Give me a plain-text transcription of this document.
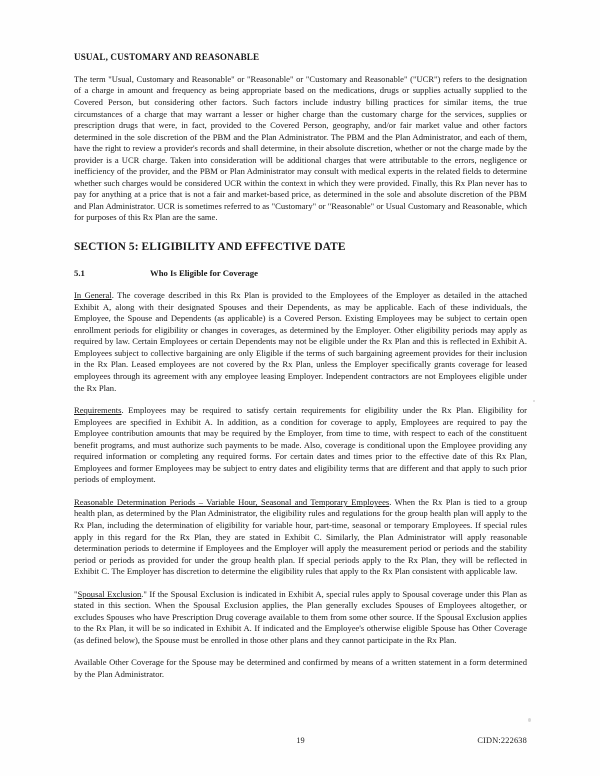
USUAL, CUSTOMARY AND REASONABLE

The term "Usual, Customary and Reasonable" or "Reasonable" or "Customary and Reasonable" ("UCR") refers to the designation of a charge in amount and frequency as being appropriate based on the medications, drugs or supplies actually supplied to the Covered Person, but considering other factors. Such factors include industry billing practices for similar items, the true circumstances of a charge that may warrant a lesser or higher charge than the customary charge for the services, supplies or prescription drugs that were, in fact, provided to the Covered Person, geography, and/or fair market value and other factors determined in the sole discretion of the PBM and the Plan Administrator. The PBM and the Plan Administrator, and each of them, have the right to review a provider's records and shall determine, in their absolute discretion, whether or not the charge made by the provider is a UCR charge. Taken into consideration will be additional charges that were attributable to the errors, negligence or inefficiency of the provider, and the PBM or Plan Administrator may consult with medical experts in the related fields to determine whether such charges would be considered UCR within the context in which they were provided. Finally, this Rx Plan never has to pay for anything at a price that is not a fair and market-based price, as determined in the sole and absolute discretion of the PBM and Plan Administrator. UCR is sometimes referred to as "Customary" or "Reasonable" or Usual Customary and Reasonable, which for purposes of this Rx Plan are the same.

SECTION 5: ELIGIBILITY AND EFFECTIVE DATE
5.1	Who Is Eligible for Coverage

In General. The coverage described in this Rx Plan is provided to the Employees of the Employer as detailed in the attached Exhibit A, along with their designated Spouses and their Dependents, as may be applicable. Each of these individuals, the Employee, the Spouse and Dependents (as applicable) is a Covered Person. Existing Employees may be subject to certain open enrollment periods for eligibility or changes in coverages, as determined by the Employer. Other eligibility periods may apply as required by law. Certain Employees or certain Dependents may not be eligible under the Rx Plan and this is reflected in Exhibit A. Employees subject to collective bargaining are only Eligible if the terms of such bargaining agreement provides for their inclusion in the Rx Plan. Leased employees are not covered by the Rx Plan, unless the Employer specifically grants coverage for leased employees through its agreement with any employee leasing Employer. Independent contractors are not Employees eligible under the Rx Plan.

Requirements. Employees may be required to satisfy certain requirements for eligibility under the Rx Plan. Eligibility for Employees are specified in Exhibit A. In addition, as a condition for coverage to apply, Employees are required to pay the Employee contribution amounts that may be required by the Employer, from time to time, with respect to each of the constituent benefit programs, and must authorize such payments to be made. Also, coverage is conditional upon the Employee providing any required information or completing any required forms. For certain dates and times prior to the effective date of this Rx Plan, Employees and former Employees may be subject to entry dates and eligibility terms that are different and that apply to such prior periods of employment.

Reasonable Determination Periods – Variable Hour, Seasonal and Temporary Employees. When the Rx Plan is tied to a group health plan, as determined by the Plan Administrator, the eligibility rules and regulations for the group health plan will apply to the Rx Plan, including the determination of eligibility for variable hour, part-time, seasonal or temporary Employees. If special rules apply in this regard for the Rx Plan, they are stated in Exhibit C. Similarly, the Plan Administrator will apply reasonable determination periods to determine if Employees and the Employer will apply the measurement period or periods and the stability period or periods as provided for under the group health plan. If special periods apply to the Rx Plan, they will be reflected in Exhibit C. The Employer has discretion to determine the eligibility rules that apply to the Rx Plan consistent with applicable law.

"Spousal Exclusion." If the Spousal Exclusion is indicated in Exhibit A, special rules apply to Spousal coverage under this Plan as stated in this section. When the Spousal Exclusion applies, the Plan generally excludes Spouses of Employees altogether, or excludes Spouses who have Prescription Drug coverage available to them from some other source. If the Spousal Exclusion applies to the Rx Plan, it will be so indicated in Exhibit A. If indicated and the Employee's otherwise eligible Spouse has Other Coverage (as defined below), the Spouse must be enrolled in those other plans and they cannot participate in the Rx Plan.

Available Other Coverage for the Spouse may be determined and confirmed by means of a written statement in a form determined by the Plan Administrator.

19	CIDN:222638
